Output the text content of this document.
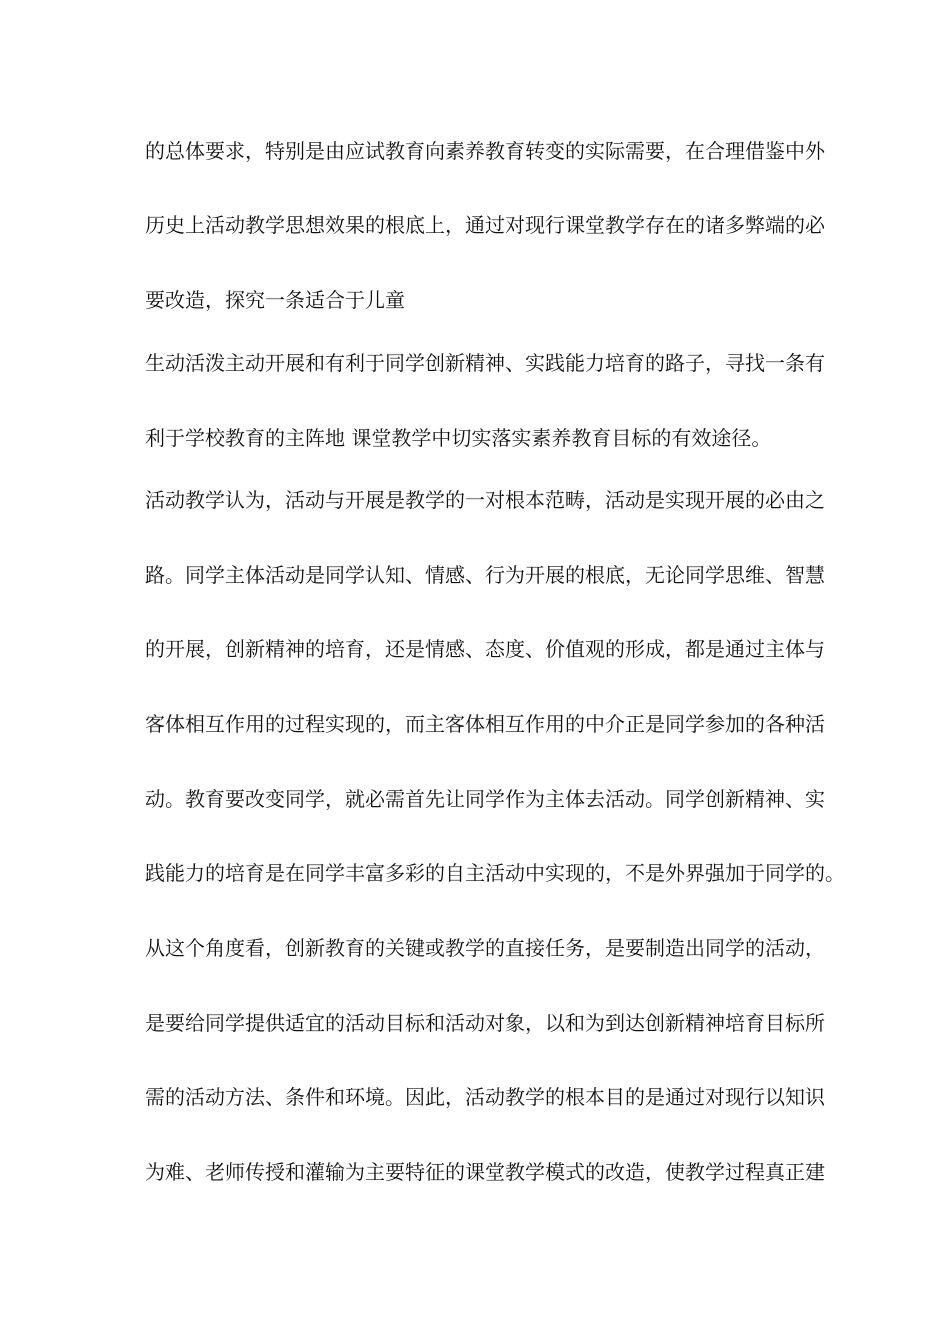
的总体要求，特别是由应试教育向素养教育转变的实际需要，在合理借鉴中外
历史上活动教学思想效果的根底上，通过对现行课堂教学存在的诸多弊端的必
要改造，探究一条适合于儿童
生动活泼主动开展和有利于同学创新精神、实践能力培育的路子，寻找一条有
利于学校教育的主阵地 课堂教学中切实落实素养教育目标的有效途径。
活动教学认为，活动与开展是教学的一对根本范畴，活动是实现开展的必由之
路。同学主体活动是同学认知、情感、行为开展的根底，无论同学思维、智慧
的开展，创新精神的培育，还是情感、态度、价值观的形成，都是通过主体与
客体相互作用的过程实现的，而主客体相互作用的中介正是同学参加的各种活
动。教育要改变同学，就必需首先让同学作为主体去活动。同学创新精神、实
践能力的培育是在同学丰富多彩的自主活动中实现的，不是外界强加于同学的。
从这个角度看，创新教育的关键或教学的直接任务，是要制造出同学的活动，
是要给同学提供适宜的活动目标和活动对象，以和为到达创新精神培育目标所
需的活动方法、条件和环境。因此，活动教学的根本目的是通过对现行以知识
为难、老师传授和灌输为主要特征的课堂教学模式的改造，使教学过程真正建
